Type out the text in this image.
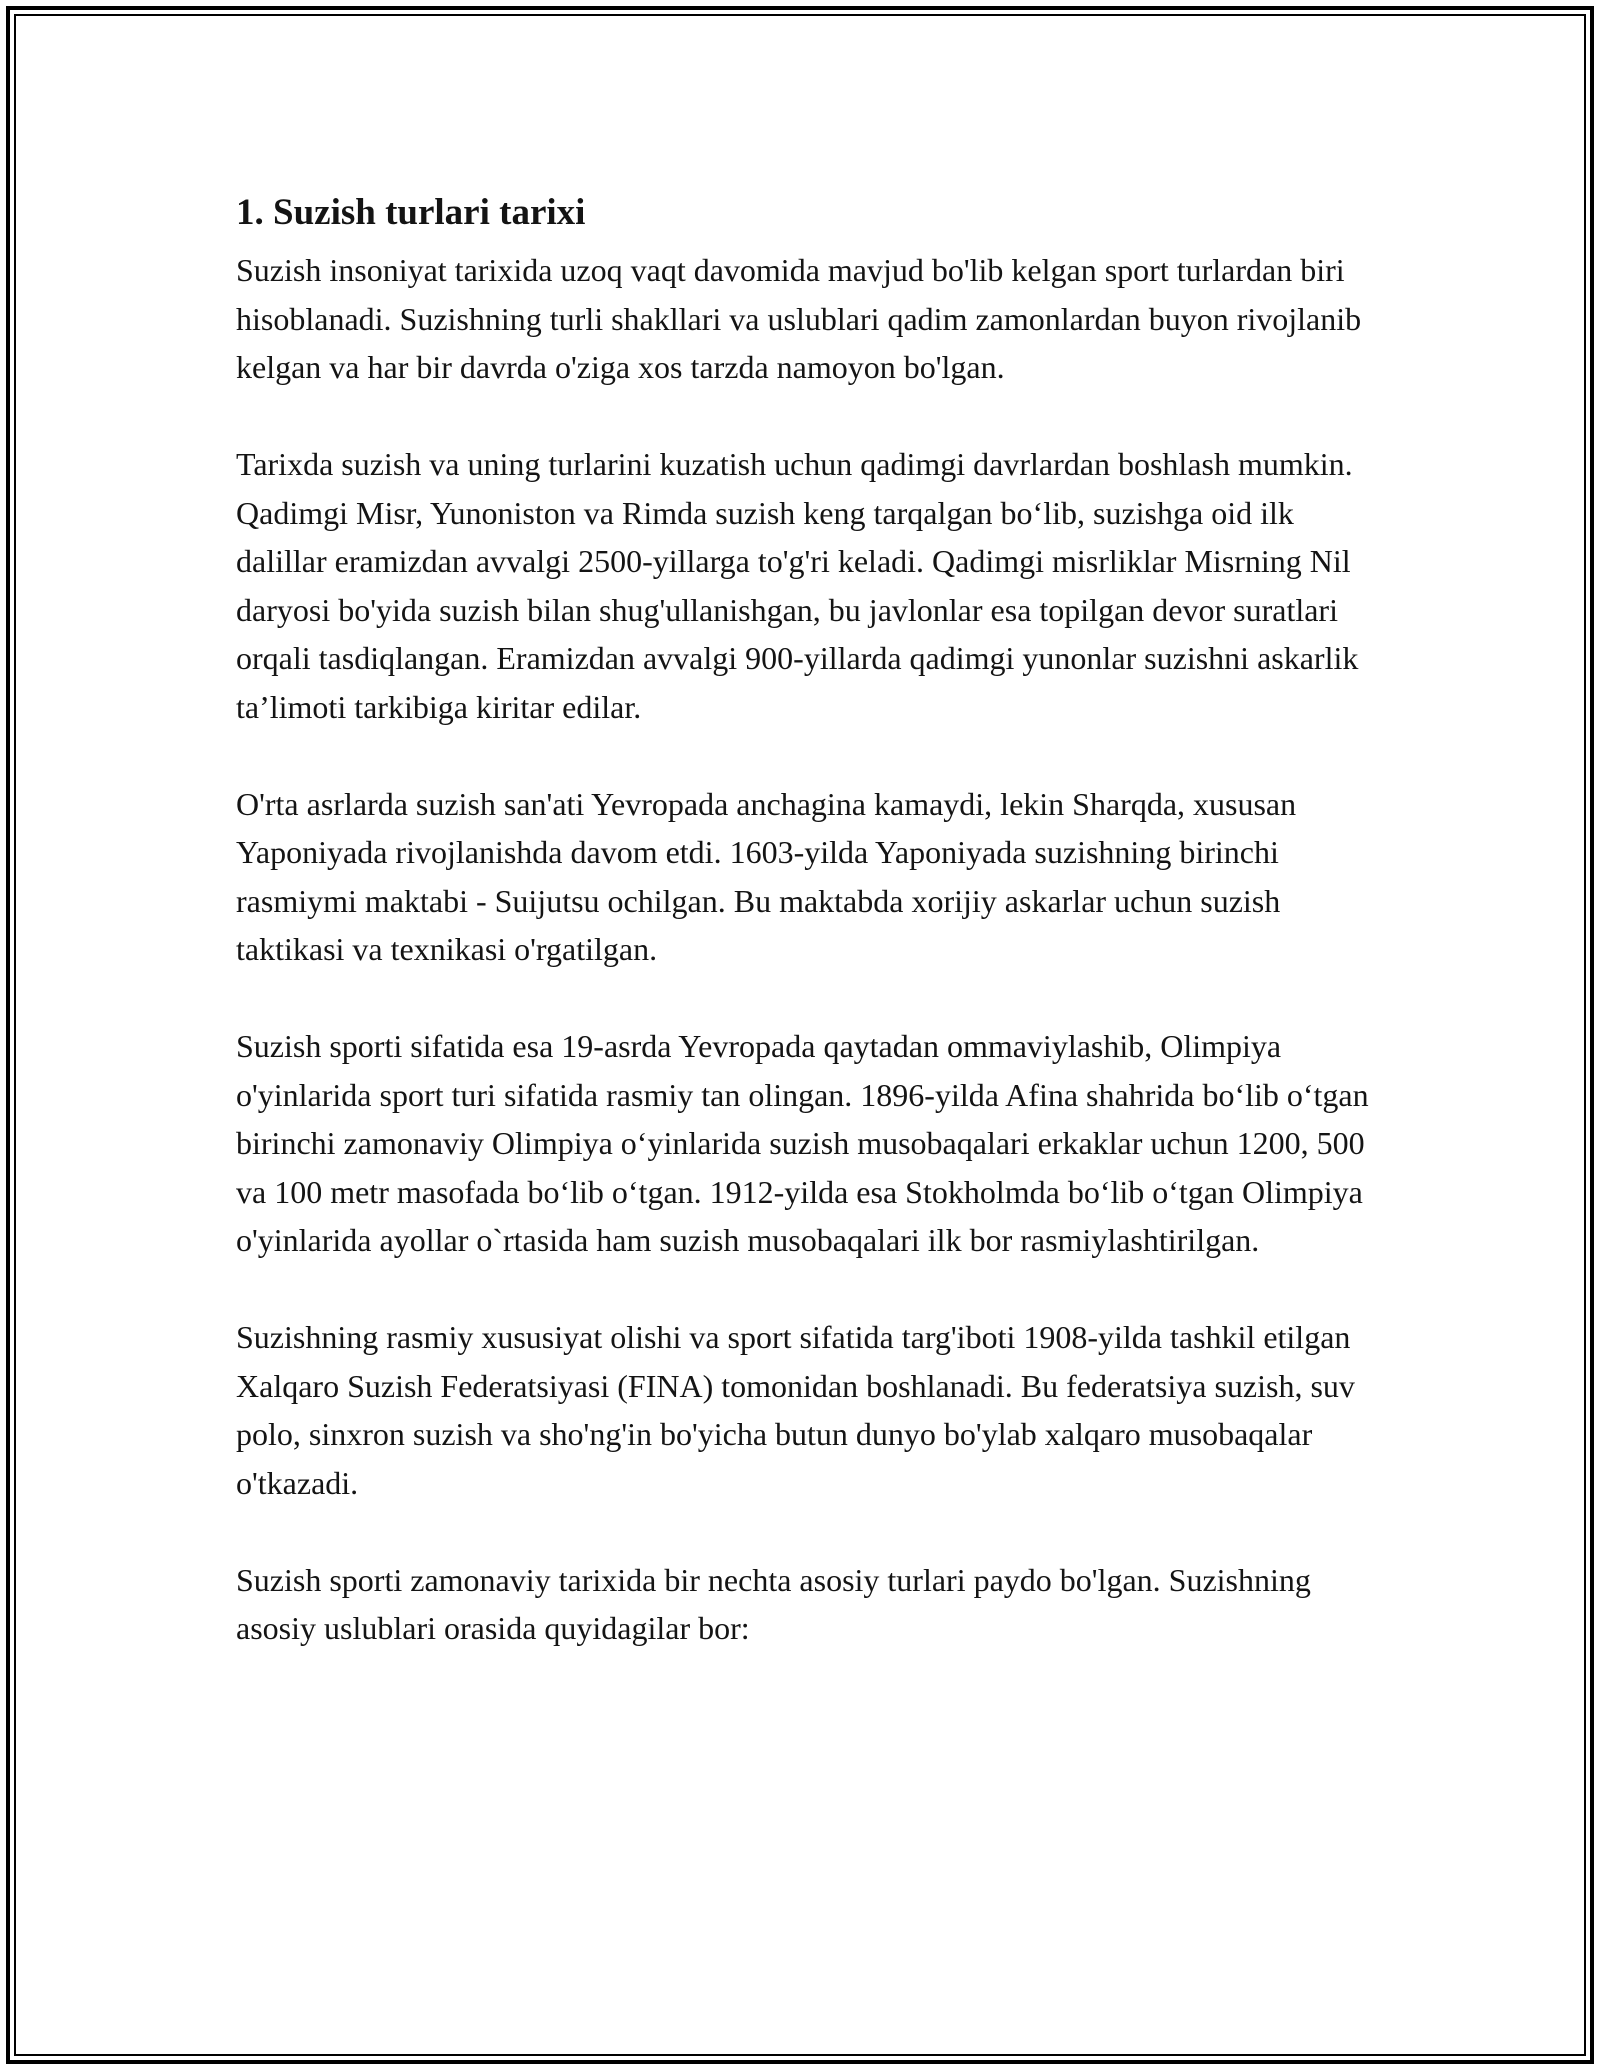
1. Suzish turlari tarixi

Suzish insoniyat tarixida uzoq vaqt davomida mavjud bo'lib kelgan sport turlardan biri hisoblanadi. Suzishning turli shakllari va uslublari qadim zamonlardan buyon rivojlanib kelgan va har bir davrda o'ziga xos tarzda namoyon bo'lgan.

Tarixda suzish va uning turlarini kuzatish uchun qadimgi davrlardan boshlash mumkin. Qadimgi Misr, Yunoniston va Rimda suzish keng tarqalgan bo‘lib, suzishga oid ilk dalillar eramizdan avvalgi 2500-yillarga to'g'ri keladi. Qadimgi misrliklar Misrning Nil daryosi bo'yida suzish bilan shug'ullanishgan, bu javlonlar esa topilgan devor suratlari orqali tasdiqlangan. Eramizdan avvalgi 900-yillarda qadimgi yunonlar suzishni askarlik ta’limoti tarkibiga kiritar edilar.

O'rta asrlarda suzish san'ati Yevropada anchagina kamaydi, lekin Sharqda, xususan Yaponiyada rivojlanishda davom etdi. 1603-yilda Yaponiyada suzishning birinchi rasmiymi maktabi - Suijutsu ochilgan. Bu maktabda xorijiy askarlar uchun suzish taktikasi va texnikasi o'rgatilgan.

Suzish sporti sifatida esa 19-asrda Yevropada qaytadan ommaviylashib, Olimpiya o'yinlarida sport turi sifatida rasmiy tan olingan. 1896-yilda Afina shahrida bo‘lib o‘tgan birinchi zamonaviy Olimpiya o‘yinlarida suzish musobaqalari erkaklar uchun 1200, 500 va 100 metr masofada bo‘lib o‘tgan. 1912-yilda esa Stokholmda bo‘lib o‘tgan Olimpiya o'yinlarida ayollar o`rtasida ham suzish musobaqalari ilk bor rasmiylashtirilgan.

Suzishning rasmiy xususiyat olishi va sport sifatida targ'iboti 1908-yilda tashkil etilgan Xalqaro Suzish Federatsiyasi (FINA) tomonidan boshlanadi. Bu federatsiya suzish, suv polo, sinxron suzish va sho'ng'in bo'yicha butun dunyo bo'ylab xalqaro musobaqalar o'tkazadi.

Suzish sporti zamonaviy tarixida bir nechta asosiy turlari paydo bo'lgan. Suzishning asosiy uslublari orasida quyidagilar bor:
